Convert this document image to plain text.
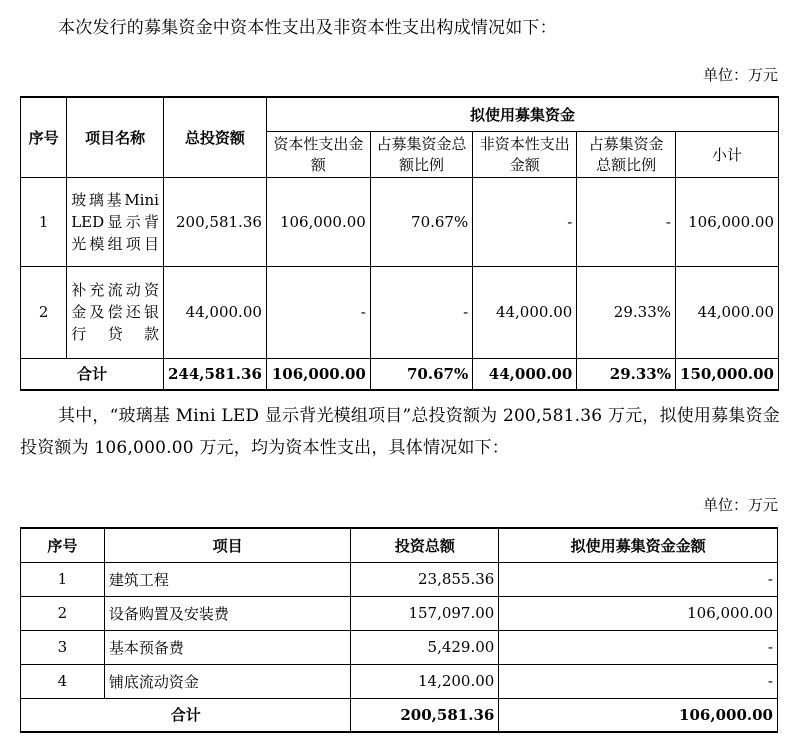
本次发行的募集资金中资本性支出及非资本性支出构成情况如下：
单位：万元
序号	项目名称	总投资额	拟使用募集资金				
			资本性支出金额	占募集资金总额比例	非资本性支出金额	占募集资金总额比例	小计
1	玻璃基Mini LED显示背光模组项目	200,581.36	106,000.00	70.67%	-	-	106,000.00
2	补充流动资金及偿还银行贷款	44,000.00	-	-	44,000.00	29.33%	44,000.00
合计		244,581.36	106,000.00	70.67%	44,000.00	29.33%	150,000.00
其中，“玻璃基 Mini LED 显示背光模组项目”总投资额为 200,581.36 万元，拟使用募集资金投资额为 106,000.00 万元，均为资本性支出，具体情况如下：
单位：万元
序号	项目	投资总额	拟使用募集资金金额
1	建筑工程	23,855.36	-
2	设备购置及安装费	157,097.00	106,000.00
3	基本预备费	5,429.00	-
4	铺底流动资金	14,200.00	-
合计		200,581.36	106,000.00
